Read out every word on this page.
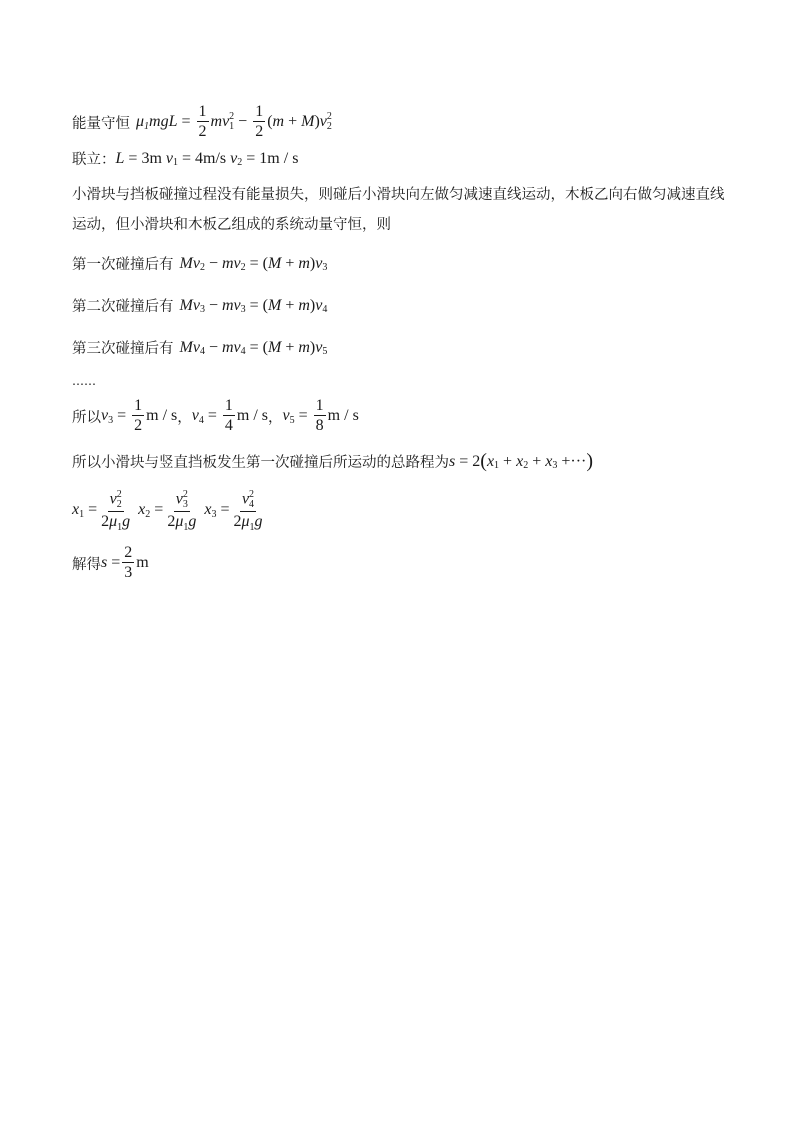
能量守恒 μ 1 mgL =
$\frac{1}{2}$ mv 2
1
−
$\frac{1}{2}$ ( m + M ) v 2
2
联立： L =
3m v 1
=
4m/s v 2
=
1m / s
小滑块与挡板碰撞过程没有能量损失，则碰后小滑块向左做匀减速直线运动，木板乙向右做匀减速直线运动，但小滑块和木板乙组成的系统动量守恒，则
第一次碰撞后有 Mv 2
− mv 2
=
( M + m ) v 3
第二次碰撞后有 Mv 3
− mv 3
=
( M + m ) v 4
第三次碰撞后有 Mv 4
− mv 4
=
( M + m ) v 5
……
所以 v 3
=
$\frac{1}{2}$ m / s ， v 4
=
$\frac{1}{4}$ m / s ， v 5
=
$\frac{1}{8}$ m / s
所以小滑块与竖直挡板发生第一次碰撞后所运动的总路程为 s =
2 ( x 1
+ x 2
+ x 3
+ ··· )
x 1
= v 2
2
$2\mu_1g$ x 2
= v 2
3
$2\mu_1g$ x 3
= v 2
4
$2\mu_1g$
解得 $s = \frac{2}{3}$ m
